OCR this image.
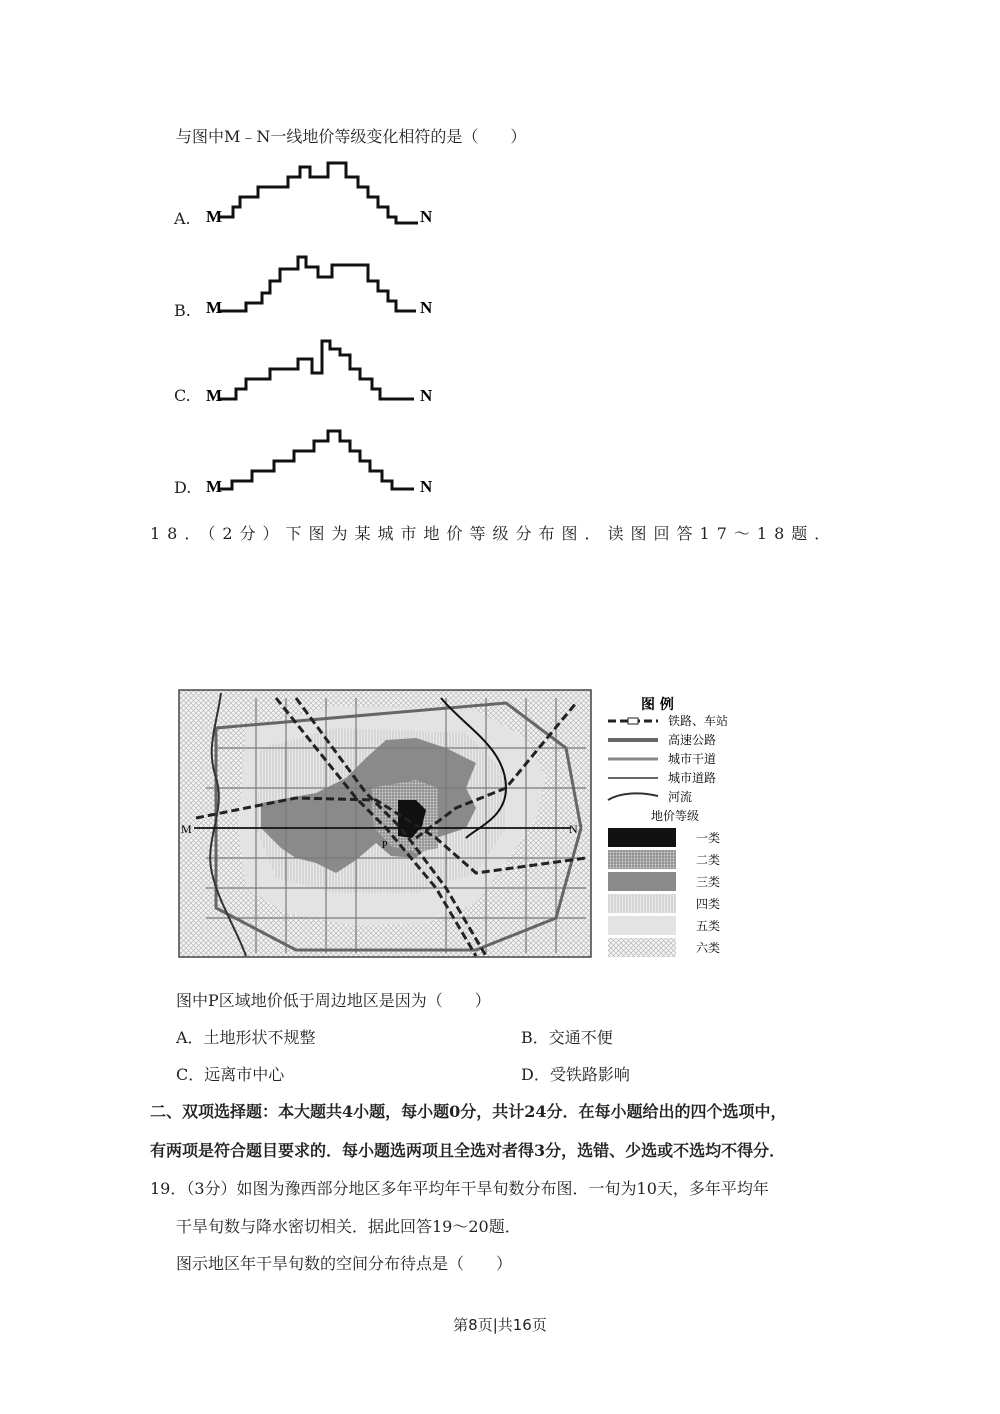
与图中M﹣N一线地价等级变化相符的是（　　）
A. M	N
B. M	N
C. M	N
D. M	N
18．（2分）下图为某城市地价等级分布图．读图回答17～18题．
M	N
P
图 例
铁路、车站
高速公路
城市干道
城市道路
河流
地价等级
一类
二类
三类
四类
五类
六类
图中P区域地价低于周边地区是因为（　　）
A．土地形状不规整	B．交通不便
C．远离市中心	D．受铁路影响
二、双项选择题：本大题共4小题，每小题0分，共计24分．在每小题给出的四个选项中，
有两项是符合题目要求的．每小题选两项且全选对者得3分，选错、少选或不选均不得分．
19．（3分）如图为豫西部分地区多年平均年干旱旬数分布图．一旬为10天，多年平均年
干旱旬数与降水密切相关．据此回答19～20题．
图示地区年干旱旬数的空间分布待点是（　　）
第8页|共16页
